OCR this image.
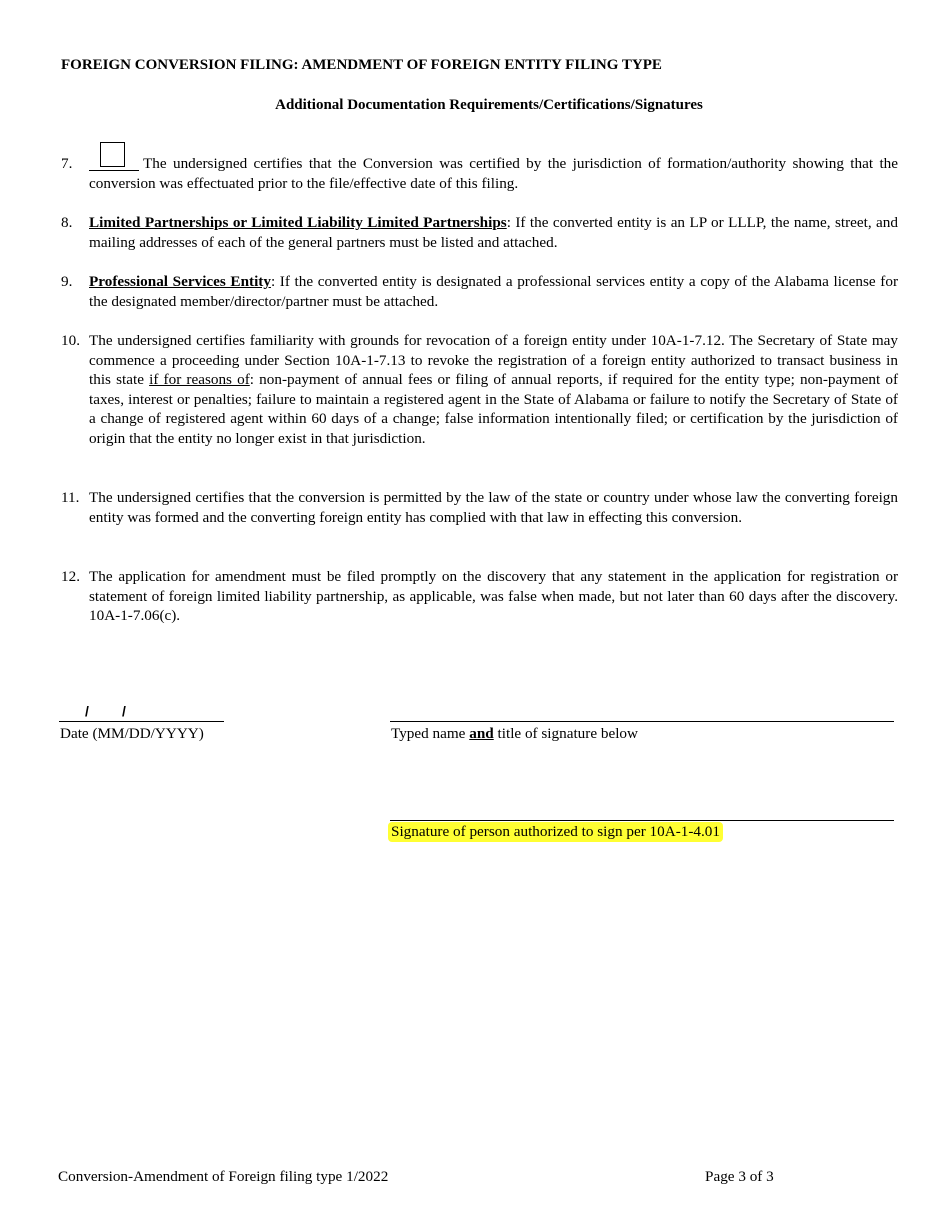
FOREIGN CONVERSION FILING: AMENDMENT OF FOREIGN ENTITY FILING TYPE
Additional Documentation Requirements/Certifications/Signatures
7.	The undersigned certifies that the Conversion was certified by the jurisdiction of formation/authority showing that the conversion was effectuated prior to the file/effective date of this filing.
8. Limited Partnerships or Limited Liability Limited Partnerships: If the converted entity is an LP or LLLP, the name, street, and mailing addresses of each of the general partners must be listed and attached.
9. Professional Services Entity: If the converted entity is designated a professional services entity a copy of the Alabama license for the designated member/director/partner must be attached.
10. The undersigned certifies familiarity with grounds for revocation of a foreign entity under 10A-1-7.12. The Secretary of State may commence a proceeding under Section 10A-1-7.13 to revoke the registration of a foreign entity authorized to transact business in this state if for reasons of: non-payment of annual fees or filing of annual reports, if required for the entity type; non-payment of taxes, interest or penalties; failure to maintain a registered agent in the State of Alabama or failure to notify the Secretary of State of a change of registered agent within 60 days of a change; false information intentionally filed; or certification by the jurisdiction of origin that the entity no longer exist in that jurisdiction.
11. The undersigned certifies that the conversion is permitted by the law of the state or country under whose law the converting foreign entity was formed and the converting foreign entity has complied with that law in effecting this conversion.
12. The application for amendment must be filed promptly on the discovery that any statement in the application for registration or statement of foreign limited liability partnership, as applicable, was false when made, but not later than 60 days after the discovery. 10A-1-7.06(c).
/ /
Date (MM/DD/YYYY)	Typed name and title of signature below
Signature of person authorized to sign per 10A-1-4.01
Conversion-Amendment of Foreign filing type 1/2022	Page 3 of 3
